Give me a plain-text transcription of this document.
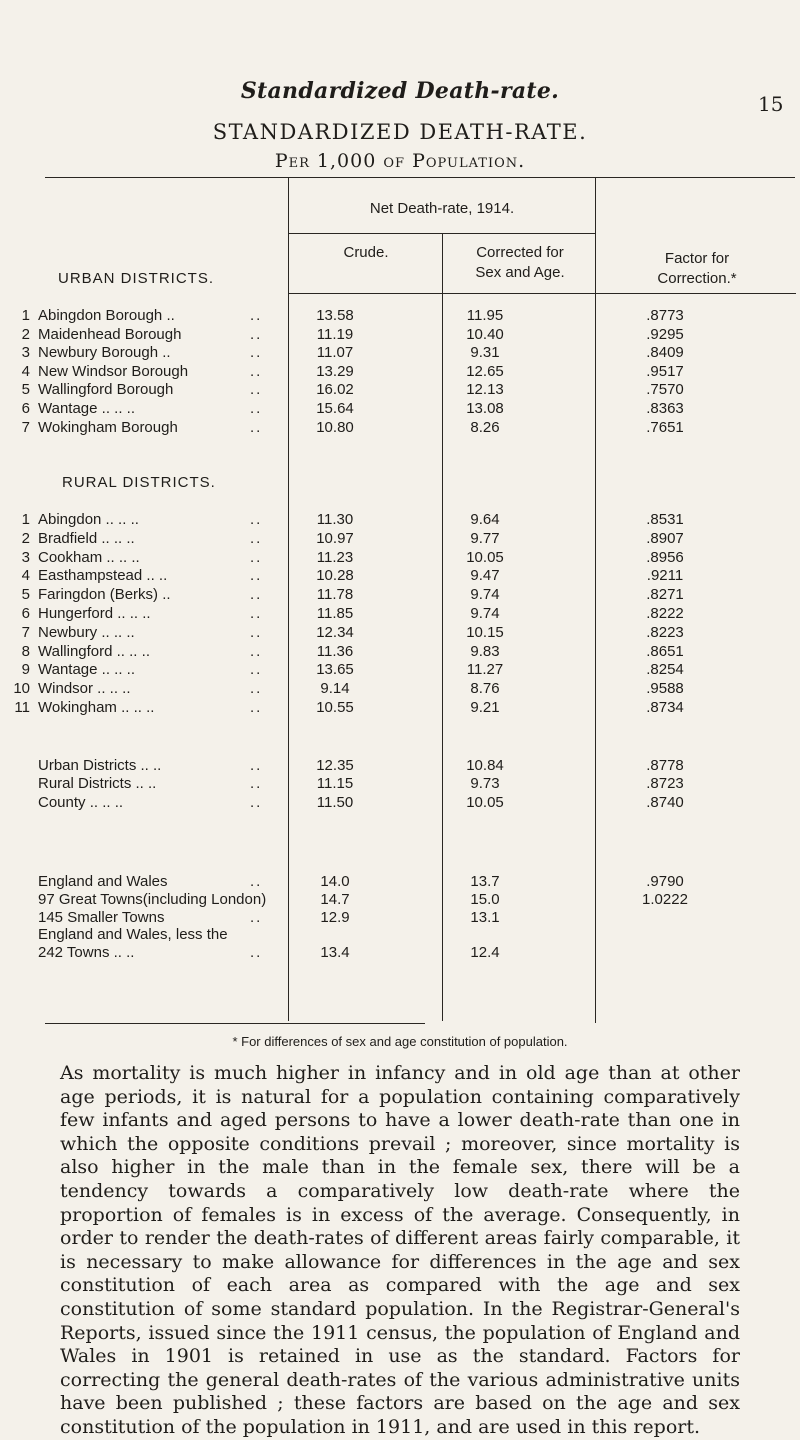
Standardized Death-rate.	15
STANDARDIZED DEATH-RATE.
Per 1,000 of Population.
Net Death-rate, 1914.
Crude.	Corrected for Sex and Age.
Factor for Correction.*
URBAN DISTRICTS.
1 Abingdon Borough ..	..	13.58	11.95	.8773
2 Maidenhead Borough	..	11.19	10.40	.9295
3 Newbury Borough ..	..	11.07	9.31	.8409
4 New Windsor Borough	..	13.29	12.65	.9517
5 Wallingford Borough	..	16.02	12.13	.7570
6 Wantage .. .. ..	..	15.64	13.08	.8363
7 Wokingham Borough	..	10.80	8.26	.7651
RURAL DISTRICTS.
1 Abingdon .. .. ..	..	11.30	9.64	.8531
2 Bradfield .. .. ..	..	10.97	9.77	.8907
3 Cookham .. .. ..	..	11.23	10.05	.8956
4 Easthampstead .. ..	..	10.28	9.47	.9211
5 Faringdon (Berks) ..	..	11.78	9.74	.8271
6 Hungerford .. .. ..	..	11.85	9.74	.8222
7 Newbury .. .. ..	..	12.34	10.15	.8223
8 Wallingford .. .. ..	..	11.36	9.83	.8651
9 Wantage .. .. ..	..	13.65	11.27	.8254
10 Windsor .. .. ..	..	9.14	8.76	.9588
11 Wokingham .. .. ..	..	10.55	9.21	.8734
Urban Districts .. ..	..	12.35	10.84	.8778
Rural Districts .. ..	..	11.15	9.73	.8723
County .. .. ..	..	11.50	10.05	.8740
England and Wales	..	14.0	13.7	.9790
97 Great Towns(including London)	14.7	15.0	1.0222
145 Smaller Towns	..	12.9	13.1
England and Wales, less the
242 Towns .. ..	..	13.4	12.4
* For differences of sex and age constitution of population.
As mortality is much higher in infancy and in old age than at other age periods, it is natural for a population containing comparatively few infants and aged persons to have a lower death-rate than one in which the opposite conditions prevail ; moreover, since mortality is also higher in the male than in the female sex, there will be a tendency towards a comparatively low death-rate where the proportion of females is in excess of the average. Consequently, in order to render the death-rates of different areas fairly comparable, it is necessary to make allowance for differences in the age and sex constitution of each area as compared with the age and sex constitution of some standard population. In the Registrar-General's Reports, issued since the 1911 census, the population of England and Wales in 1901 is retained in use as the standard. Factors for correcting the general death-rates of the various administrative units have been published ; these factors are based on the age and sex constitution of the population in 1911, and are used in this report.
